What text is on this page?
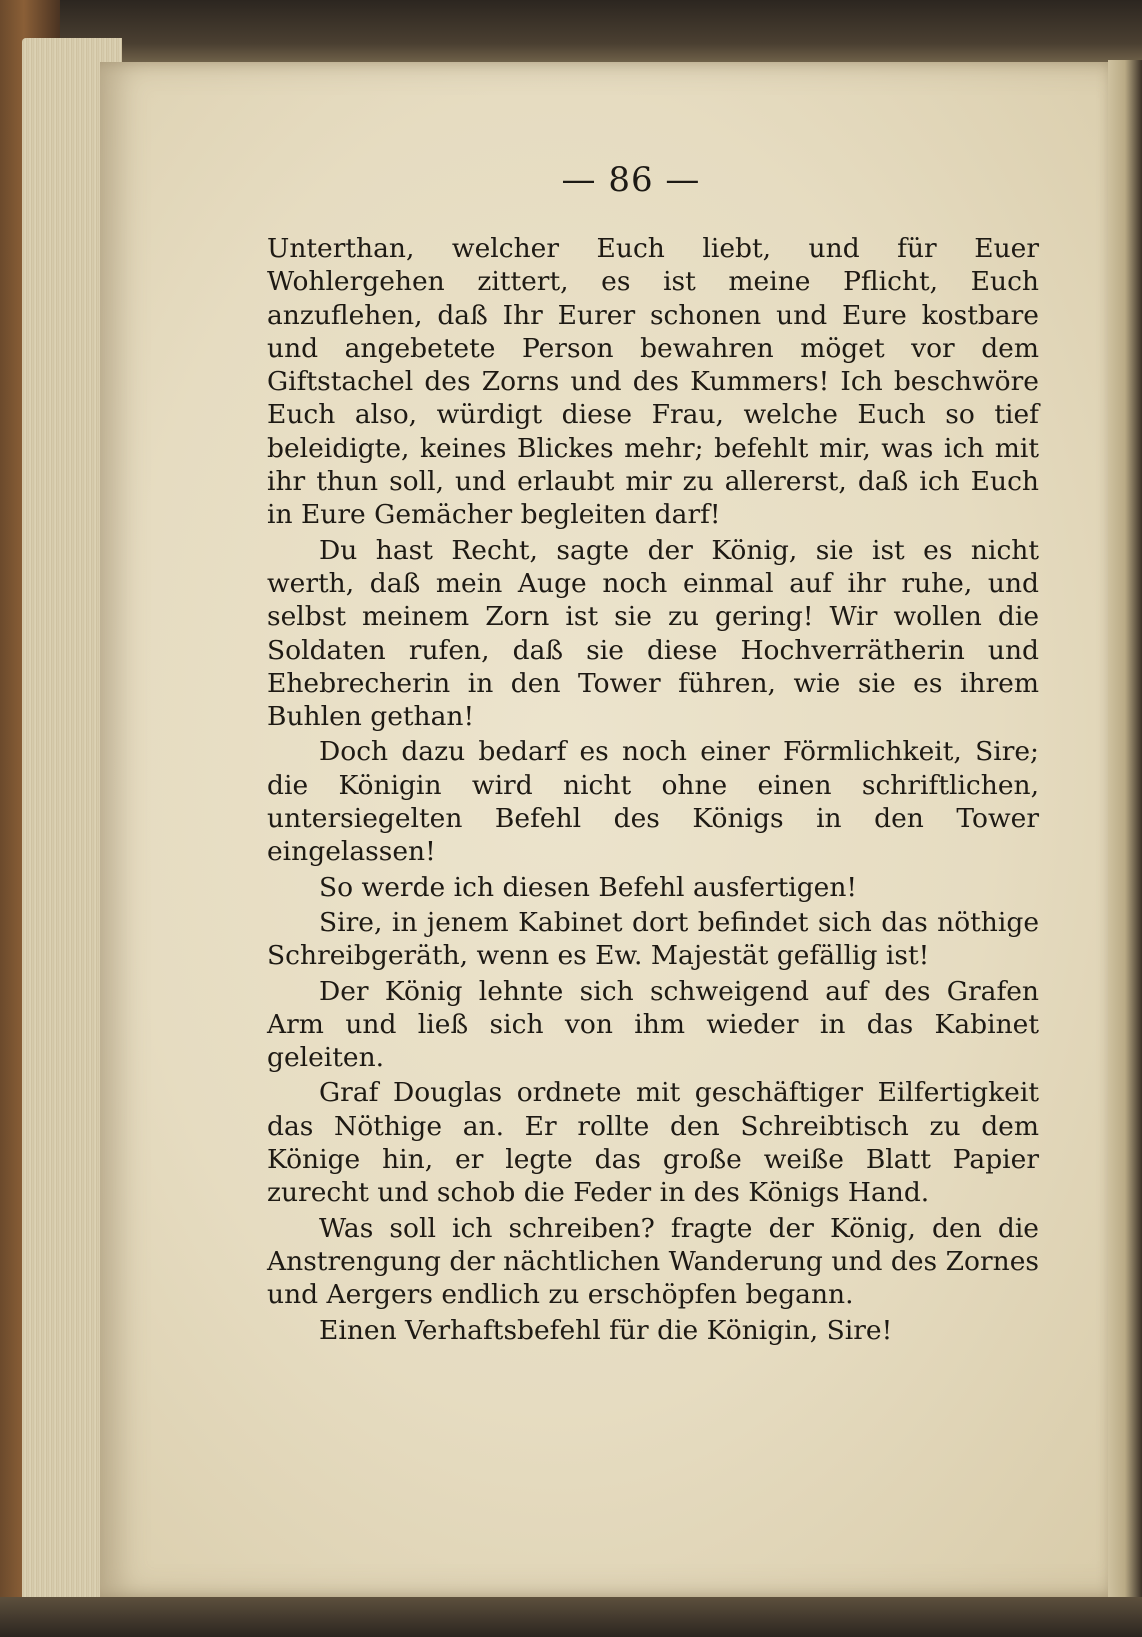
— 86 —

Unterthan, welcher Euch liebt, und für Euer Wohlergehen zittert, es ist meine Pflicht, Euch anzuflehen, daß Ihr Eurer schonen und Eure kostbare und angebetete Person bewahren möget vor dem Giftstachel des Zorns und des Kummers! Ich beschwöre Euch also, würdigt diese Frau, welche Euch so tief beleidigte, keines Blickes mehr; befehlt mir, was ich mit ihr thun soll, und erlaubt mir zu allererst, daß ich Euch in Eure Gemächer begleiten darf!

Du hast Recht, sagte der König, sie ist es nicht werth, daß mein Auge noch einmal auf ihr ruhe, und selbst meinem Zorn ist sie zu gering! Wir wollen die Soldaten rufen, daß sie diese Hochverrätherin und Ehebrecherin in den Tower führen, wie sie es ihrem Buhlen gethan!

Doch dazu bedarf es noch einer Förmlichkeit, Sire; die Königin wird nicht ohne einen schriftlichen, untersiegelten Befehl des Königs in den Tower eingelassen!

So werde ich diesen Befehl ausfertigen!

Sire, in jenem Kabinet dort befindet sich das nöthige Schreibgeräth, wenn es Ew. Majestät gefällig ist!

Der König lehnte sich schweigend auf des Grafen Arm und ließ sich von ihm wieder in das Kabinet geleiten.

Graf Douglas ordnete mit geschäftiger Eilfertigkeit das Nöthige an. Er rollte den Schreibtisch zu dem Könige hin, er legte das große weiße Blatt Papier zurecht und schob die Feder in des Königs Hand.

Was soll ich schreiben? fragte der König, den die Anstrengung der nächtlichen Wanderung und des Zornes und Aergers endlich zu erschöpfen begann.

Einen Verhaftsbefehl für die Königin, Sire!
